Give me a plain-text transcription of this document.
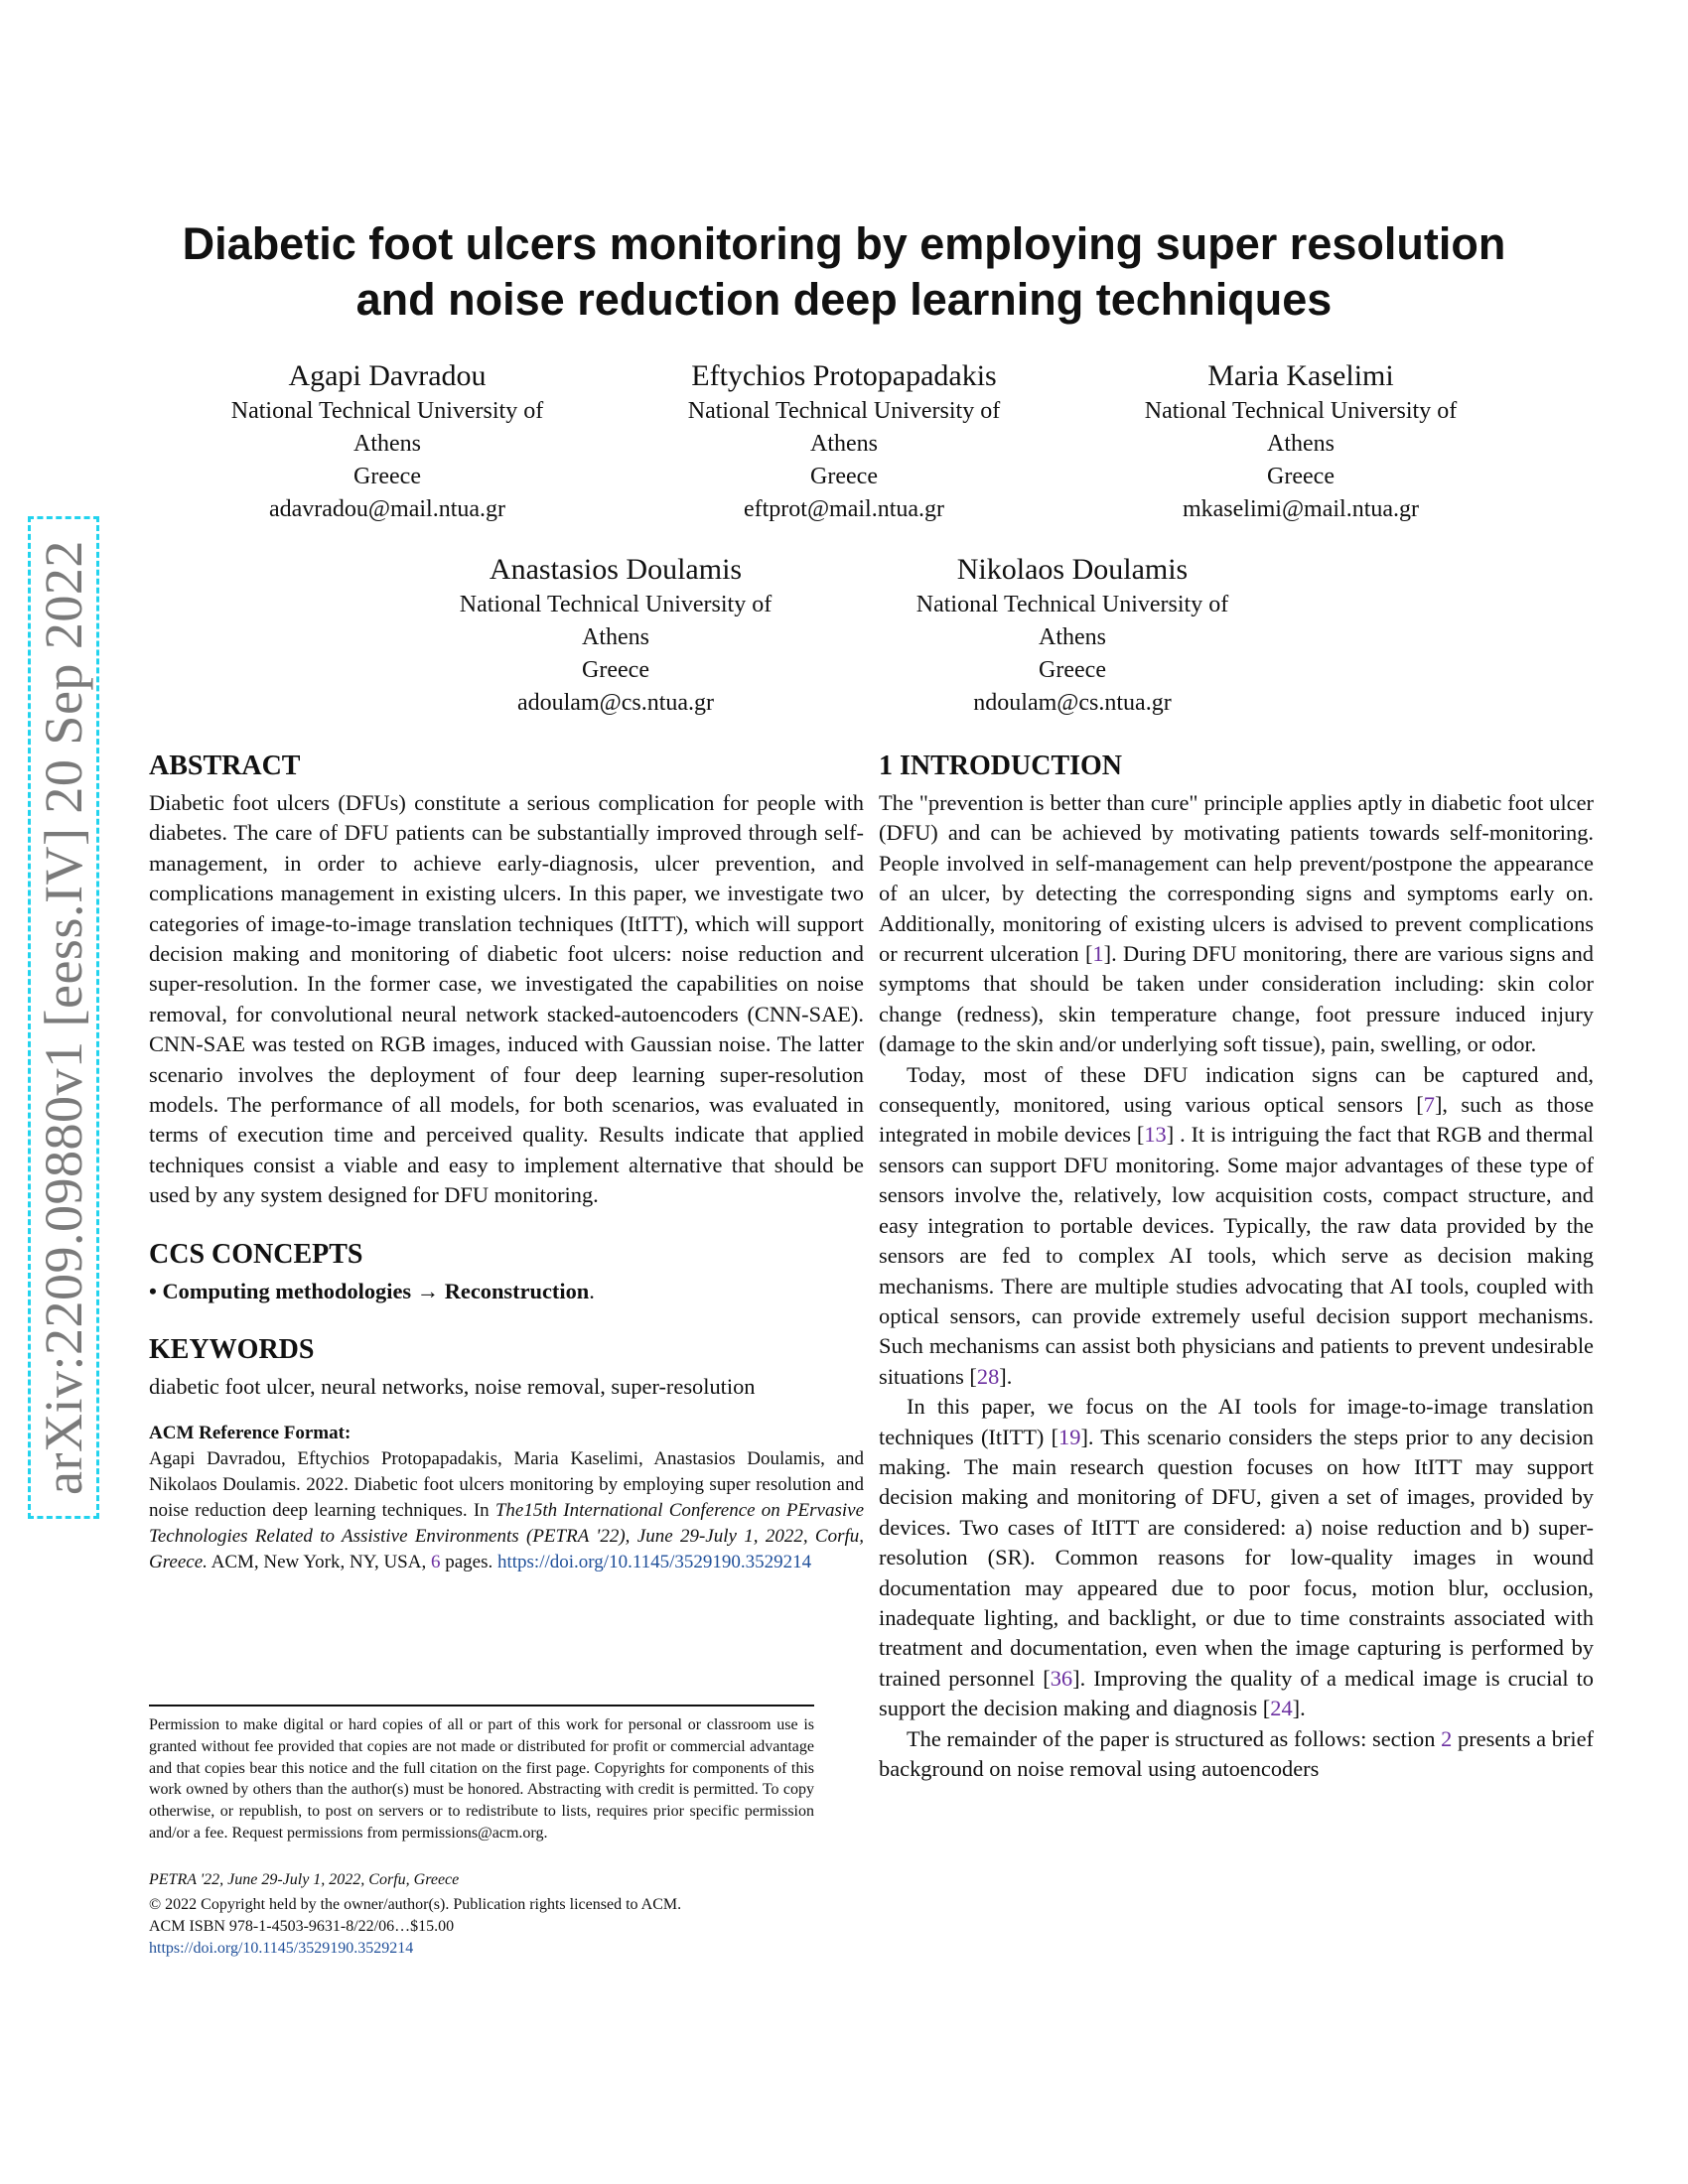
arXiv:2209.09880v1 [eess.IV] 20 Sep 2022
Diabetic foot ulcers monitoring by employing super resolution
and noise reduction deep learning techniques
Agapi Davradou
National Technical University of
Athens
Greece
adavradou@mail.ntua.gr
Eftychios Protopapadakis
National Technical University of
Athens
Greece
eftprot@mail.ntua.gr
Maria Kaselimi
National Technical University of
Athens
Greece
mkaselimi@mail.ntua.gr
Anastasios Doulamis
National Technical University of
Athens
Greece
adoulam@cs.ntua.gr
Nikolaos Doulamis
National Technical University of
Athens
Greece
ndoulam@cs.ntua.gr
ABSTRACT

Diabetic foot ulcers (DFUs) constitute a serious complication for people with diabetes. The care of DFU patients can be substantially improved through self-management, in order to achieve early-diagnosis, ulcer prevention, and complications management in existing ulcers. In this paper, we investigate two categories of image-to-image translation techniques (ItITT), which will support decision making and monitoring of diabetic foot ulcers: noise reduction and super-resolution. In the former case, we investigated the capabilities on noise removal, for convolutional neural network stacked-autoencoders (CNN-SAE). CNN-SAE was tested on RGB images, induced with Gaussian noise. The latter scenario involves the deployment of four deep learning super-resolution models. The performance of all models, for both scenarios, was evaluated in terms of execution time and perceived quality. Results indicate that applied techniques consist a viable and easy to implement alternative that should be used by any system designed for DFU monitoring.

CCS CONCEPTS

• Computing methodologies → Reconstruction.

KEYWORDS

diabetic foot ulcer, neural networks, noise removal, super-resolution

ACM Reference Format:

Agapi Davradou, Eftychios Protopapadakis, Maria Kaselimi, Anastasios Doulamis, and Nikolaos Doulamis. 2022. Diabetic foot ulcers monitoring by employing super resolution and noise reduction deep learning techniques. In The15th International Conference on PErvasive Technologies Related to Assistive Environments (PETRA '22), June 29-July 1, 2022, Corfu, Greece. ACM, New York, NY, USA, 6 pages. https://doi.org/10.1145/3529190.3529214

Permission to make digital or hard copies of all or part of this work for personal or classroom use is granted without fee provided that copies are not made or distributed for profit or commercial advantage and that copies bear this notice and the full citation on the first page. Copyrights for components of this work owned by others than the author(s) must be honored. Abstracting with credit is permitted. To copy otherwise, or republish, to post on servers or to redistribute to lists, requires prior specific permission and/or a fee. Request permissions from permissions@acm.org.

PETRA '22, June 29-July 1, 2022, Corfu, Greece

© 2022 Copyright held by the owner/author(s). Publication rights licensed to ACM.

ACM ISBN 978-1-4503-9631-8/22/06…$15.00

https://doi.org/10.1145/3529190.3529214

1 INTRODUCTION

The "prevention is better than cure" principle applies aptly in diabetic foot ulcer (DFU) and can be achieved by motivating patients towards self-monitoring. People involved in self-management can help prevent/postpone the appearance of an ulcer, by detecting the corresponding signs and symptoms early on. Additionally, monitoring of existing ulcers is advised to prevent complications or recurrent ulceration [1]. During DFU monitoring, there are various signs and symptoms that should be taken under consideration including: skin color change (redness), skin temperature change, foot pressure induced injury (damage to the skin and/or underlying soft tissue), pain, swelling, or odor.

Today, most of these DFU indication signs can be captured and, consequently, monitored, using various optical sensors [7], such as those integrated in mobile devices [13] . It is intriguing the fact that RGB and thermal sensors can support DFU monitoring. Some major advantages of these type of sensors involve the, relatively, low acquisition costs, compact structure, and easy integration to portable devices. Typically, the raw data provided by the sensors are fed to complex AI tools, which serve as decision making mechanisms. There are multiple studies advocating that AI tools, coupled with optical sensors, can provide extremely useful decision support mechanisms. Such mechanisms can assist both physicians and patients to prevent undesirable situations [28].

In this paper, we focus on the AI tools for image-to-image translation techniques (ItITT) [19]. This scenario considers the steps prior to any decision making. The main research question focuses on how ItITT may support decision making and monitoring of DFU, given a set of images, provided by devices. Two cases of ItITT are considered: a) noise reduction and b) super-resolution (SR). Common reasons for low-quality images in wound documentation may appeared due to poor focus, motion blur, occlusion, inadequate lighting, and backlight, or due to time constraints associated with treatment and documentation, even when the image capturing is performed by trained personnel [36]. Improving the quality of a medical image is crucial to support the decision making and diagnosis [24].

The remainder of the paper is structured as follows: section 2 presents a brief background on noise removal using autoencoders
